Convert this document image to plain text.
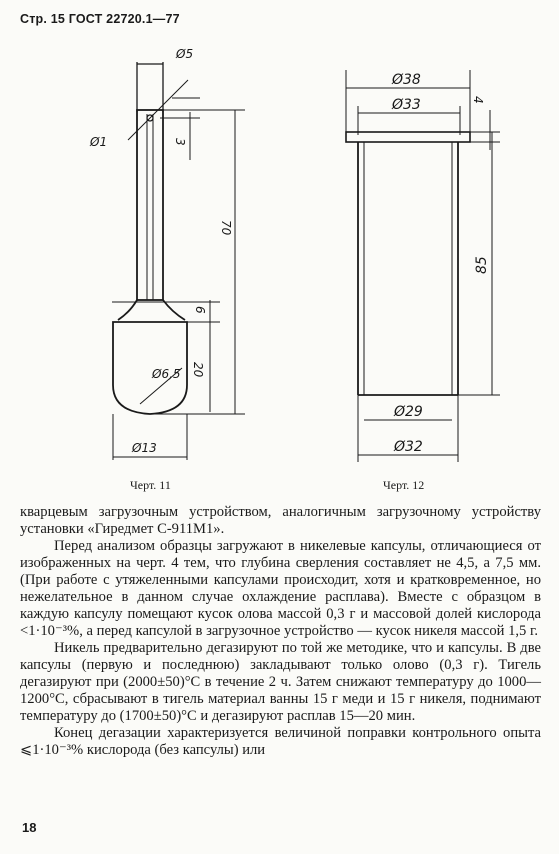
Стр. 15 ГОСТ 22720.1—77
Ø5
Ø1	3
70
6
20
Ø6,5
Ø13
Ø38
Ø33	4
85
Ø29
Ø32
Черт. 11	Черт. 12

кварцевым загрузочным устройством, аналогичным загрузочному устройству установки «Гиредмет С-911М1».

Перед анализом образцы загружают в никелевые капсулы, отличающиеся от изображенных на черт. 4 тем, что глубина сверления составляет не 4,5, а 7,5 мм. (При работе с утяжеленными капсулами происходит, хотя и кратковременное, но нежелательное в данном случае охлаждение расплава). Вместе с образцом в каждую капсулу помещают кусок олова массой 0,3 г и массовой долей кислорода <1·10⁻³%, а перед капсулой в загрузочное устройство — кусок никеля массой 1,5 г.

Никель предварительно дегазируют по той же методике, что и капсулы. В две капсулы (первую и последнюю) закладывают только олово (0,3 г). Тигель дегазируют при (2000±50)°С в течение 2 ч. Затем снижают температуру до 1000—1200°С, сбрасывают в тигель материал ванны 15 г меди и 15 г никеля, поднимают температуру до (1700±50)°С и дегазируют расплав 15—20 мин.

Конец дегазации характеризуется величиной поправки контрольного опыта ⩽1·10⁻³% кислорода (без капсулы) или

18
